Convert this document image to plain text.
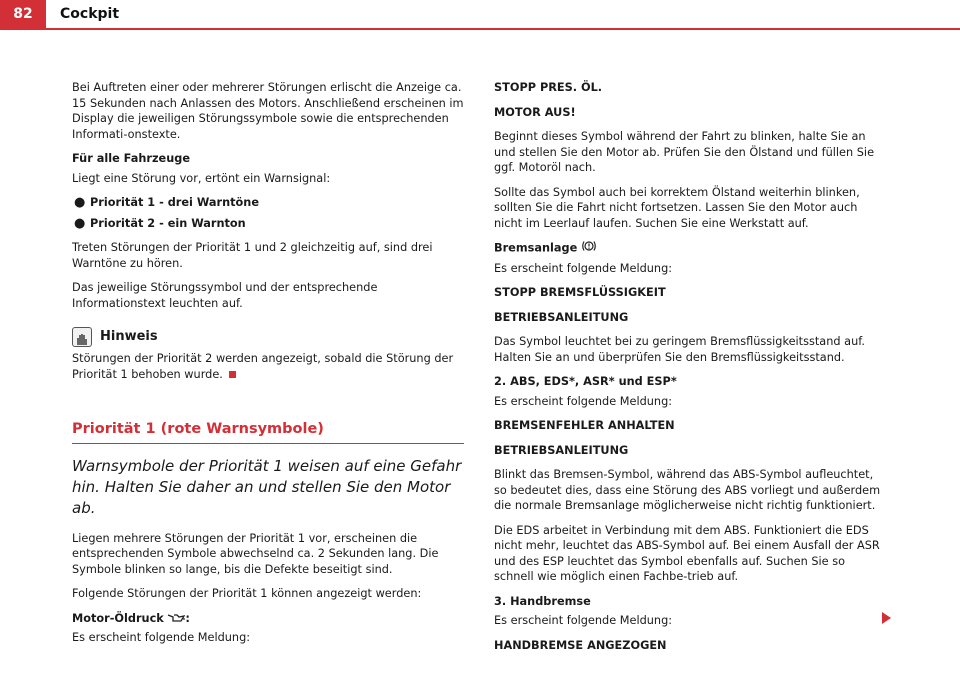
82	Cockpit

Bei Auftreten einer oder mehrerer Störungen erlischt die Anzeige ca. 15 Sekunden nach Anlassen des Motors. Anschließend erscheinen im Display die jeweiligen Störungssymbole sowie die entsprechenden Informati-onstexte.

Für alle Fahrzeuge

Liegt eine Störung vor, ertönt ein Warnsignal:

● Priorität 1 - drei Warntöne
● Priorität 2 - ein Warnton

Treten Störungen der Priorität 1 und 2 gleichzeitig auf, sind drei Warntöne zu hören.

Das jeweilige Störungssymbol und der entsprechende Informationstext leuchten auf.

Hinweis

Störungen der Priorität 2 werden angezeigt, sobald die Störung der Priorität 1 behoben wurde.

Priorität 1 (rote Warnsymbole)

Warnsymbole der Priorität 1 weisen auf eine Gefahr hin. Halten Sie daher an und stellen Sie den Motor ab.

Liegen mehrere Störungen der Priorität 1 vor, erscheinen die entsprechenden Symbole abwechselnd ca. 2 Sekunden lang. Die Symbole blinken so lange, bis die Defekte beseitigt sind.

Folgende Störungen der Priorität 1 können angezeigt werden:

Motor-Öldruck :

Es erscheint folgende Meldung:

STOPP PRES. ÖL.

MOTOR AUS!

Beginnt dieses Symbol während der Fahrt zu blinken, halte Sie an und stellen Sie den Motor ab. Prüfen Sie den Ölstand und füllen Sie ggf. Motoröl nach.

Sollte das Symbol auch bei korrektem Ölstand weiterhin blinken, sollten Sie die Fahrt nicht fortsetzen. Lassen Sie den Motor auch nicht im Leerlauf laufen. Suchen Sie eine Werkstatt auf.

Bremsanlage

Es erscheint folgende Meldung:

STOPP BREMSFLÜSSIGKEIT

BETRIEBSANLEITUNG

Das Symbol leuchtet bei zu geringem Bremsflüssigkeitsstand auf. Halten Sie an und überprüfen Sie den Bremsflüssigkeitsstand.

2. ABS, EDS*, ASR* und ESP*

Es erscheint folgende Meldung:

BREMSENFEHLER ANHALTEN

BETRIEBSANLEITUNG

Blinkt das Bremsen-Symbol, während das ABS-Symbol aufleuchtet, so bedeutet dies, dass eine Störung des ABS vorliegt und außerdem die normale Bremsanlage möglicherweise nicht richtig funktioniert.

Die EDS arbeitet in Verbindung mit dem ABS. Funktioniert die EDS nicht mehr, leuchtet das ABS-Symbol auf. Bei einem Ausfall der ASR und des ESP leuchtet das Symbol ebenfalls auf. Suchen Sie so schnell wie möglich einen Fachbe-trieb auf.

3. Handbremse

Es erscheint folgende Meldung:

HANDBREMSE ANGEZOGEN
